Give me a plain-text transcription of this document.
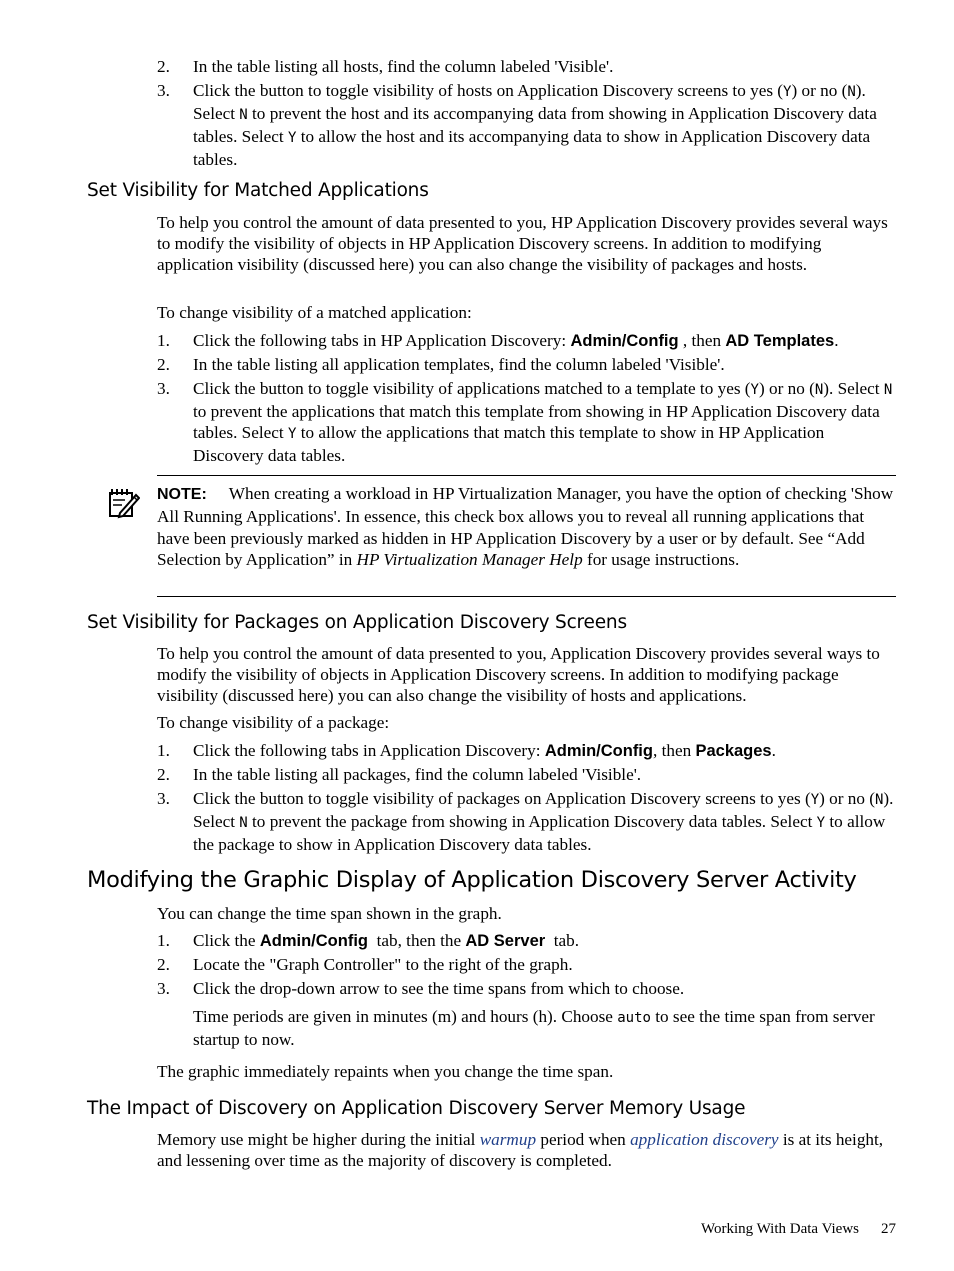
2. In the table listing all hosts, find the column labeled 'Visible'.
3. Click the button to toggle visibility of hosts on Application Discovery screens to yes (Y) or no (N). Select N to prevent the host and its accompanying data from showing in Application Discovery data tables. Select Y to allow the host and its accompanying data to show in Application Discovery data tables.
Set Visibility for Matched Applications
To help you control the amount of data presented to you, HP Application Discovery provides several ways to modify the visibility of objects in HP Application Discovery screens. In addition to modifying application visibility (discussed here) you can also change the visibility of packages and hosts.
To change visibility of a matched application:
1. Click the following tabs in HP Application Discovery: Admin/Config , then AD Templates.
2. In the table listing all application templates, find the column labeled 'Visible'.
3. Click the button to toggle visibility of applications matched to a template to yes (Y) or no (N). Select N to prevent the applications that match this template from showing in HP Application Discovery data tables. Select Y to allow the applications that match this template to show in HP Application Discovery data tables.
NOTE: When creating a workload in HP Virtualization Manager, you have the option of checking 'Show All Running Applications'. In essence, this check box allows you to reveal all running applications that have been previously marked as hidden in HP Application Discovery by a user or by default. See “Add Selection by Application” in HP Virtualization Manager Help for usage instructions.
Set Visibility for Packages on Application Discovery Screens
To help you control the amount of data presented to you, Application Discovery provides several ways to modify the visibility of objects in Application Discovery screens. In addition to modifying package visibility (discussed here) you can also change the visibility of hosts and applications.
To change visibility of a package:
1. Click the following tabs in Application Discovery: Admin/Config, then Packages.
2. In the table listing all packages, find the column labeled 'Visible'.
3. Click the button to toggle visibility of packages on Application Discovery screens to yes (Y) or no (N). Select N to prevent the package from showing in Application Discovery data tables. Select Y to allow the package to show in Application Discovery data tables.
Modifying the Graphic Display of Application Discovery Server Activity
You can change the time span shown in the graph.
1. Click the Admin/Config  tab, then the AD Server  tab.
2. Locate the "Graph Controller" to the right of the graph.
3. Click the drop-down arrow to see the time spans from which to choose.
Time periods are given in minutes (m) and hours (h). Choose auto to see the time span from server startup to now.
The graphic immediately repaints when you change the time span.
The Impact of Discovery on Application Discovery Server Memory Usage
Memory use might be higher during the initial warmup period when application discovery is at its height, and lessening over time as the majority of discovery is completed.
Working With Data Views 27
